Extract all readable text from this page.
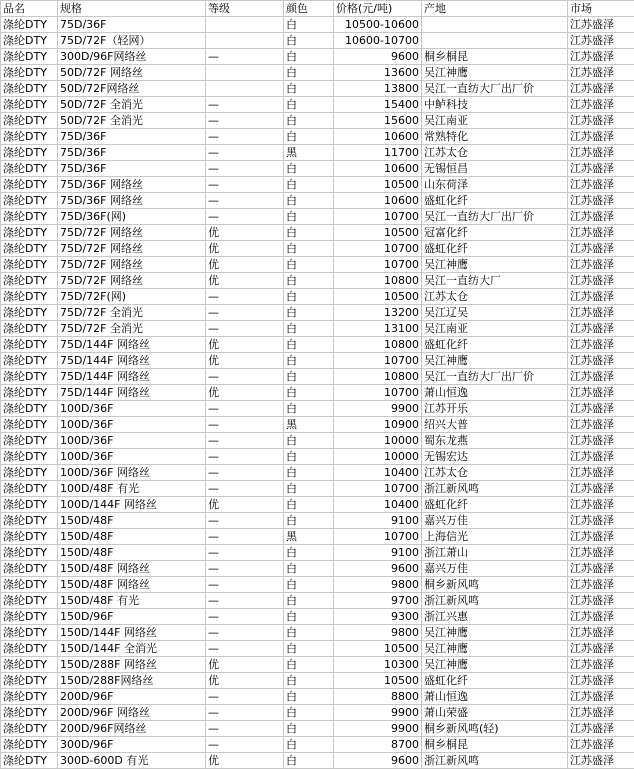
品名	规格	等级	颜色	价格(元/吨)	产地	市场
涤纶DTY	75D/36F		白	10500-10600		江苏盛泽
涤纶DTY	75D/72F（轻网）		白	10600-10700		江苏盛泽
涤纶DTY	300D/96F网络丝	—	白	9600	桐乡桐昆	江苏盛泽
涤纶DTY	50D/72F 网络丝		白	13600	吴江神鹰	江苏盛泽
涤纶DTY	50D/72F网络丝		白	13800	吴江一直纺大厂出厂价	江苏盛泽
涤纶DTY	50D/72F 全消光	—	白	15400	中鲈科技	江苏盛泽
涤纶DTY	50D/72F 全消光	—	白	15600	吴江南亚	江苏盛泽
涤纶DTY	75D/36F	—	白	10600	常熟特化	江苏盛泽
涤纶DTY	75D/36F	—	黑	11700	江苏太仓	江苏盛泽
涤纶DTY	75D/36F	—	白	10600	无锡恒昌	江苏盛泽
涤纶DTY	75D/36F 网络丝	—	白	10500	山东荷泽	江苏盛泽
涤纶DTY	75D/36F 网络丝	—	白	10600	盛虹化纤	江苏盛泽
涤纶DTY	75D/36F(网)	—	白	10700	吴江一直纺大厂出厂价	江苏盛泽
涤纶DTY	75D/72F 网络丝	优	白	10500	冠富化纤	江苏盛泽
涤纶DTY	75D/72F 网络丝	优	白	10700	盛虹化纤	江苏盛泽
涤纶DTY	75D/72F 网络丝	优	白	10700	吴江神鹰	江苏盛泽
涤纶DTY	75D/72F 网络丝	优	白	10800	吴江一直纺大厂	江苏盛泽
涤纶DTY	75D/72F(网)	—	白	10500	江苏太仓	江苏盛泽
涤纶DTY	75D/72F 全消光	—	白	13200	吴江辽吴	江苏盛泽
涤纶DTY	75D/72F 全消光	—	白	13100	吴江南亚	江苏盛泽
涤纶DTY	75D/144F 网络丝	优	白	10800	盛虹化纤	江苏盛泽
涤纶DTY	75D/144F 网络丝	优	白	10700	吴江神鹰	江苏盛泽
涤纶DTY	75D/144F 网络丝	—	白	10800	吴江一直纺大厂出厂价	江苏盛泽
涤纶DTY	75D/144F 网络丝	优	白	10700	萧山恒逸	江苏盛泽
涤纶DTY	100D/36F	—	白	9900	江苏开乐	江苏盛泽
涤纶DTY	100D/36F	—	黑	10900	绍兴大普	江苏盛泽
涤纶DTY	100D/36F	—	白	10000	蜀东龙燕	江苏盛泽
涤纶DTY	100D/36F	—	白	10000	无锡宏达	江苏盛泽
涤纶DTY	100D/36F 网络丝	—	白	10400	江苏太仓	江苏盛泽
涤纶DTY	100D/48F 有光	—	白	10700	浙江新风鸣	江苏盛泽
涤纶DTY	100D/144F 网络丝	优	白	10400	盛虹化纤	江苏盛泽
涤纶DTY	150D/48F	—	白	9100	嘉兴万佳	江苏盛泽
涤纶DTY	150D/48F	—	黑	10700	上海信光	江苏盛泽
涤纶DTY	150D/48F	—	白	9100	浙江萧山	江苏盛泽
涤纶DTY	150D/48F 网络丝	—	白	9600	嘉兴万佳	江苏盛泽
涤纶DTY	150D/48F 网络丝	—	白	9800	桐乡新风鸣	江苏盛泽
涤纶DTY	150D/48F 有光	—	白	9700	浙江新风鸣	江苏盛泽
涤纶DTY	150D/96F	—	白	9300	浙江兴惠	江苏盛泽
涤纶DTY	150D/144F 网络丝	—	白	9800	吴江神鹰	江苏盛泽
涤纶DTY	150D/144F 全消光	—	白	10500	吴江神鹰	江苏盛泽
涤纶DTY	150D/288F 网络丝	优	白	10300	吴江神鹰	江苏盛泽
涤纶DTY	150D/288F网络丝	优	白	10500	盛虹化纤	江苏盛泽
涤纶DTY	200D/96F	—	白	8800	萧山恒逸	江苏盛泽
涤纶DTY	200D/96F 网络丝	—	白	9900	萧山荣盛	江苏盛泽
涤纶DTY	200D/96F网络丝	—	白	9900	桐乡新风鸣(轻)	江苏盛泽
涤纶DTY	300D/96F	—	白	8700	桐乡桐昆	江苏盛泽
涤纶DTY	300D-600D 有光	优	白	9600	浙江新风鸣	江苏盛泽
